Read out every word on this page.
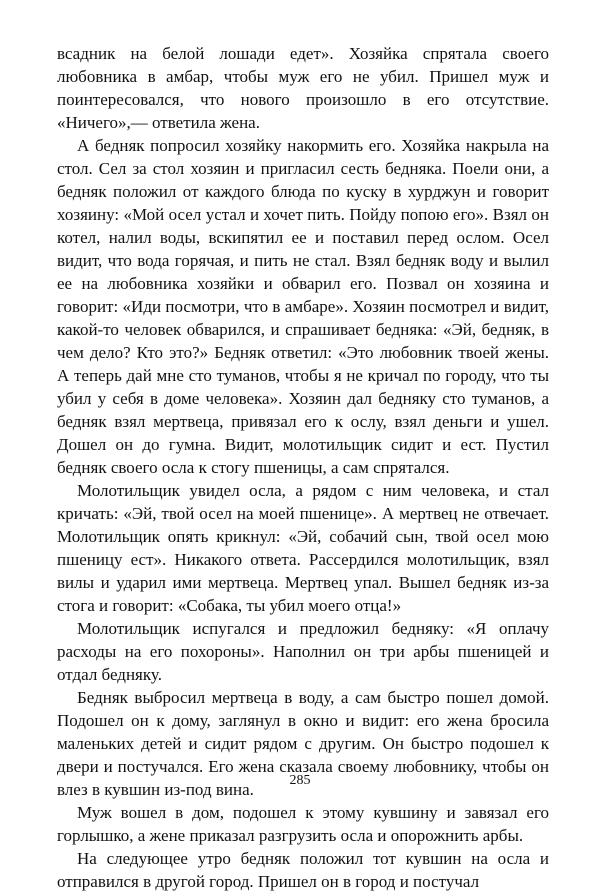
всадник на белой лошади едет». Хозяйка спрятала своего любовника в амбар, чтобы муж его не убил. Пришел муж и поинтересовался, что нового произошло в его отсутствие. «Ничего»,— ответила жена.

А бедняк попросил хозяйку накормить его. Хозяйка накрыла на стол. Сел за стол хозяин и пригласил сесть бедняка. Поели они, а бедняк положил от каждого блюда по куску в хурджун и говорит хозяину: «Мой осел устал и хочет пить. Пойду попою его». Взял он котел, налил воды, вскипятил ее и поставил перед ослом. Осел видит, что вода горячая, и пить не стал. Взял бедняк воду и вылил ее на любовника хозяйки и обварил его. Позвал он хозяина и говорит: «Иди посмотри, что в амбаре». Хозяин посмотрел и видит, какой-то человек обварился, и спрашивает бедняка: «Эй, бедняк, в чем дело? Кто это?» Бедняк ответил: «Это любовник твоей жены. А теперь дай мне сто туманов, чтобы я не кричал по городу, что ты убил у себя в доме человека». Хозяин дал бедняку сто туманов, а бедняк взял мертвеца, привязал его к ослу, взял деньги и ушел. Дошел он до гумна. Видит, молотильщик сидит и ест. Пустил бедняк своего осла к стогу пшеницы, а сам спрятался.

Молотильщик увидел осла, а рядом с ним человека, и стал кричать: «Эй, твой осел на моей пшенице». А мертвец не отвечает. Молотильщик опять крикнул: «Эй, собачий сын, твой осел мою пшеницу ест». Никакого ответа. Рассердился молотильщик, взял вилы и ударил ими мертвеца. Мертвец упал. Вышел бедняк из-за стога и говорит: «Собака, ты убил моего отца!»

Молотильщик испугался и предложил бедняку: «Я оплачу расходы на его похороны». Наполнил он три арбы пшеницей и отдал бедняку.

Бедняк выбросил мертвеца в воду, а сам быстро пошел домой. Подошел он к дому, заглянул в окно и видит: его жена бросила маленьких детей и сидит рядом с другим. Он быстро подошел к двери и постучался. Его жена сказала своему любовнику, чтобы он влез в кувшин из-под вина.

Муж вошел в дом, подошел к этому кувшину и завязал его горлышко, а жене приказал разгрузить осла и опорожнить арбы.

На следующее утро бедняк положил тот кувшин на осла и отправился в другой город. Пришел он в город и постучал

285
